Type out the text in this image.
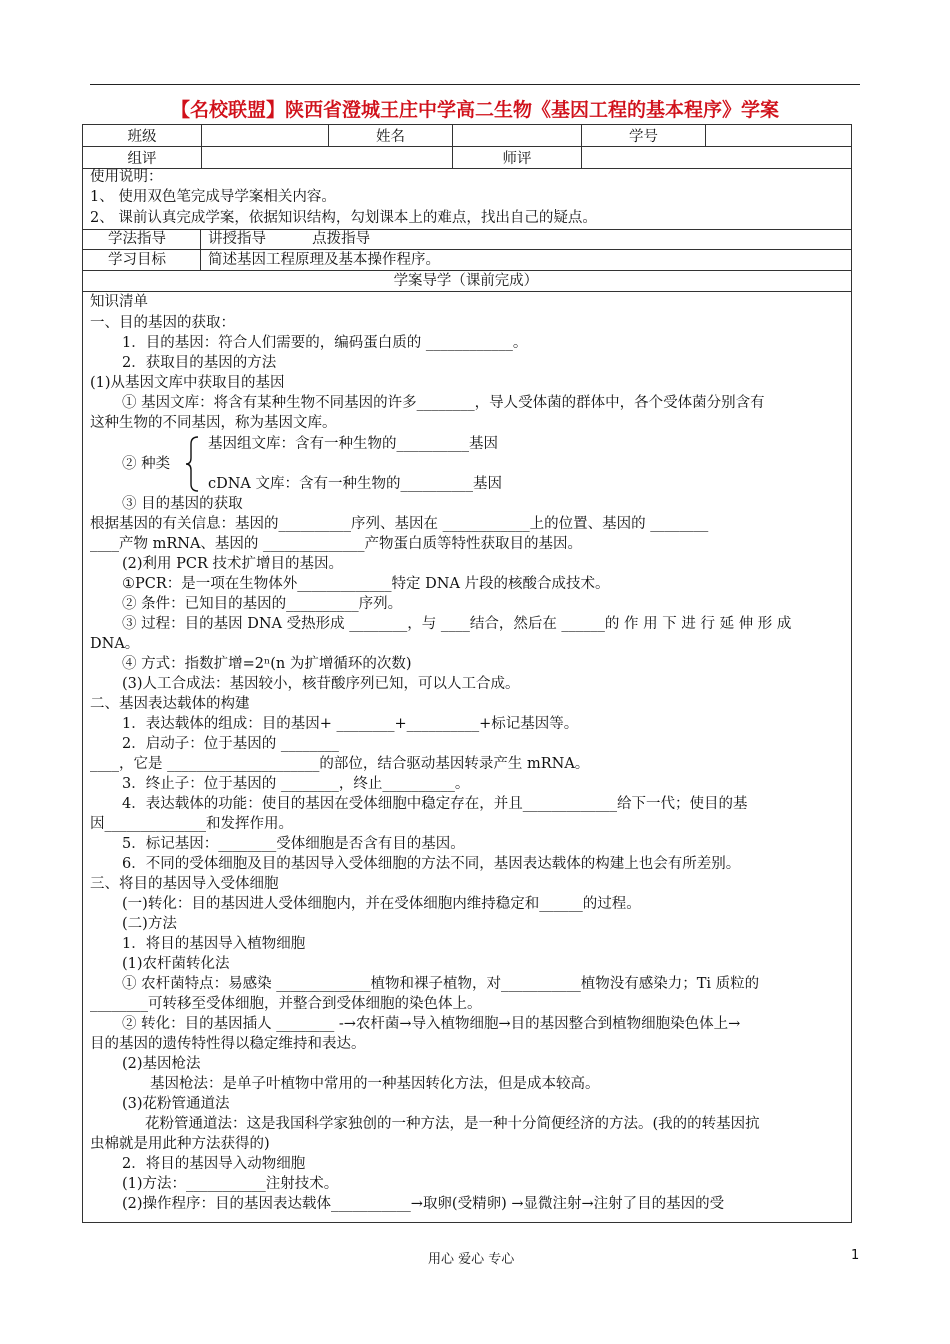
【名校联盟】陕西省澄城王庄中学高二生物《基因工程的基本程序》学案
班级		姓名		学号	
组评			师评		
使用说明：
1、 使用双色笔完成导学案相关内容。
2、 课前认真完成学案，依据知识结构，勾划课本上的难点，找出自己的疑点。
学法指导	讲授指导          点拨指导
学习目标	简述基因工程原理及基本操作程序。
学案导学（课前完成）
知识清单
一、目的基因的获取：
1．目的基因：符合人们需要的，编码蛋白质的 ____________。
2．获取目的基因的方法
(1)从基因文库中获取目的基因
① 基因文库：将含有某种生物不同基因的许多________，导人受体菌的群体中，各个受体菌分别含有
这种生物的不同基因，称为基因文库。
基因组文库：含有一种生物的__________基因
② 种类
cDNA 文库：含有一种生物的__________基因
③ 目的基因的获取
根据基因的有关信息：基因的__________序列、基因在 ____________上的位置、基因的 ________
____产物 mRNA、基因的 ______________产物蛋白质等特性获取目的基因。
(2)利用 PCR 技术扩增目的基因。
①PCR：是一项在生物体外_____________特定 DNA 片段的核酸合成技术。
② 条件：已知目的基因的__________序列。
③ 过程：目的基因 DNA 受热形成 ________，与 ____结合，然后在 ______的 作 用 下 进 行 延 伸 形 成
DNA。
④ 方式：指数扩增=2ⁿ(n 为扩增循环的次数)
(3)人工合成法：基因较小，核苷酸序列已知，可以人工合成。
二、基因表达载体的构建
1．表达载体的组成：目的基因+ ________+__________+标记基因等。
2．启动子：位于基因的 ________
____，它是 _____________________的部位，结合驱动基因转录产生 mRNA。
3．终止子：位于基因的 ________，终止__________。
4．表达载体的功能：使目的基因在受体细胞中稳定存在，并且_____________给下一代；使目的基
因______________和发挥作用。
5．标记基因：________受体细胞是否含有目的基因。
6．不同的受体细胞及目的基因导入受体细胞的方法不同，基因表达载体的构建上也会有所差别。
三、将目的基因导入受体细胞
(一)转化：目的基因进人受体细胞内，并在受体细胞内维持稳定和______的过程。
(二)方法
1．将目的基因导入植物细胞
(1)农杆菌转化法
① 农杆菌特点：易感染 _____________植物和裸子植物，对___________植物没有感染力；Ti 质粒的
________可转移至受体细胞，并整合到受体细胞的染色体上。
② 转化：目的基因插人 ________ -→农杆菌→导入植物细胞→目的基因整合到植物细胞染色体上→
目的基因的遗传特性得以稳定维持和表达。
(2)基因枪法
基因枪法：是单子叶植物中常用的一种基因转化方法，但是成本较高。
(3)花粉管通道法
花粉管通道法：这是我国科学家独创的一种方法，是一种十分简便经济的方法。(我的的转基因抗
虫棉就是用此种方法获得的)
2．将目的基因导入动物细胞
(1)方法：___________注射技术。
(2)操作程序：目的基因表达载体___________→取卵(受精卵) →显微注射→注射了目的基因的受
用心 爱心 专心	1
